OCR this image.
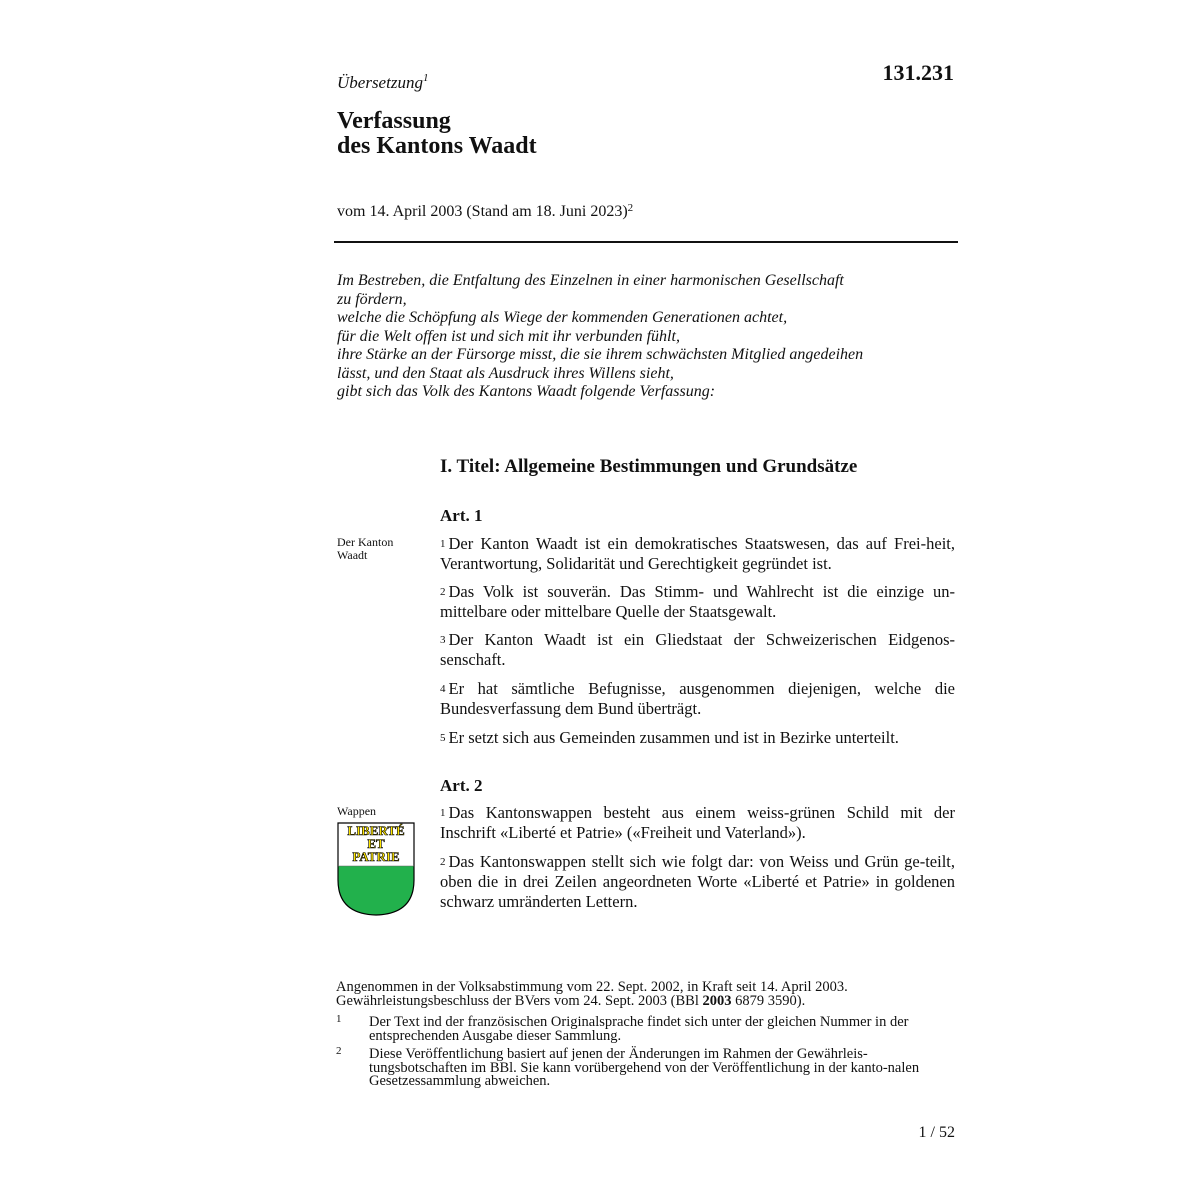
Übersetzung$^1$	131.231
Verfassung
des Kantons Waadt
vom 14. April 2003 (Stand am 18. Juni 2023)$^2$
Im Bestreben, die Entfaltung des Einzelnen in einer harmonischen Gesellschaft
zu fördern,
welche die Schöpfung als Wiege der kommenden Generationen achtet,
für die Welt offen ist und sich mit ihr verbunden fühlt,
ihre Stärke an der Fürsorge misst, die sie ihrem schwächsten Mitglied angedeihen
lässt, und den Staat als Ausdruck ihres Willens sieht,
gibt sich das Volk des Kantons Waadt folgende Verfassung:
I. Titel: Allgemeine Bestimmungen und Grundsätze
Art. 1
Der Kanton
Waadt
$^1$ Der Kanton Waadt ist ein demokratisches Staatswesen, das auf Frei-heit, Verantwortung, Solidarität und Gerechtigkeit gegründet ist.
$^2$ Das Volk ist souverän. Das Stimm- und Wahlrecht ist die einzige un-mittelbare oder mittelbare Quelle der Staatsgewalt.
$^3$ Der Kanton Waadt ist ein Gliedstaat der Schweizerischen Eidgenos-senschaft.
$^4$ Er hat sämtliche Befugnisse, ausgenommen diejenigen, welche die Bundesverfassung dem Bund überträgt.
$^5$ Er setzt sich aus Gemeinden zusammen und ist in Bezirke unterteilt.
Art. 2
Wappen
LIBERTÉ
ET
PATRIE
$^1$ Das Kantonswappen besteht aus einem weiss-grünen Schild mit der Inschrift «Liberté et Patrie» («Freiheit und Vaterland»).
$^2$ Das Kantonswappen stellt sich wie folgt dar: von Weiss und Grün ge-teilt, oben die in drei Zeilen angeordneten Worte «Liberté et Patrie» in goldenen schwarz umränderten Lettern.
Angenommen in der Volksabstimmung vom 22. Sept. 2002, in Kraft seit 14. April 2003.
Gewährleistungsbeschluss der BVers vom 24. Sept. 2003 (BBl 2003 6879 3590).
1 Der Text ind der französischen Originalsprache findet sich unter der gleichen Nummer in der entsprechenden Ausgabe dieser Sammlung.
2 Diese Veröffentlichung basiert auf jenen der Änderungen im Rahmen der Gewährleis-tungsbotschaften im BBl. Sie kann vorübergehend von der Veröffentlichung in der kanto-nalen Gesetzessammlung abweichen.
1 / 52
